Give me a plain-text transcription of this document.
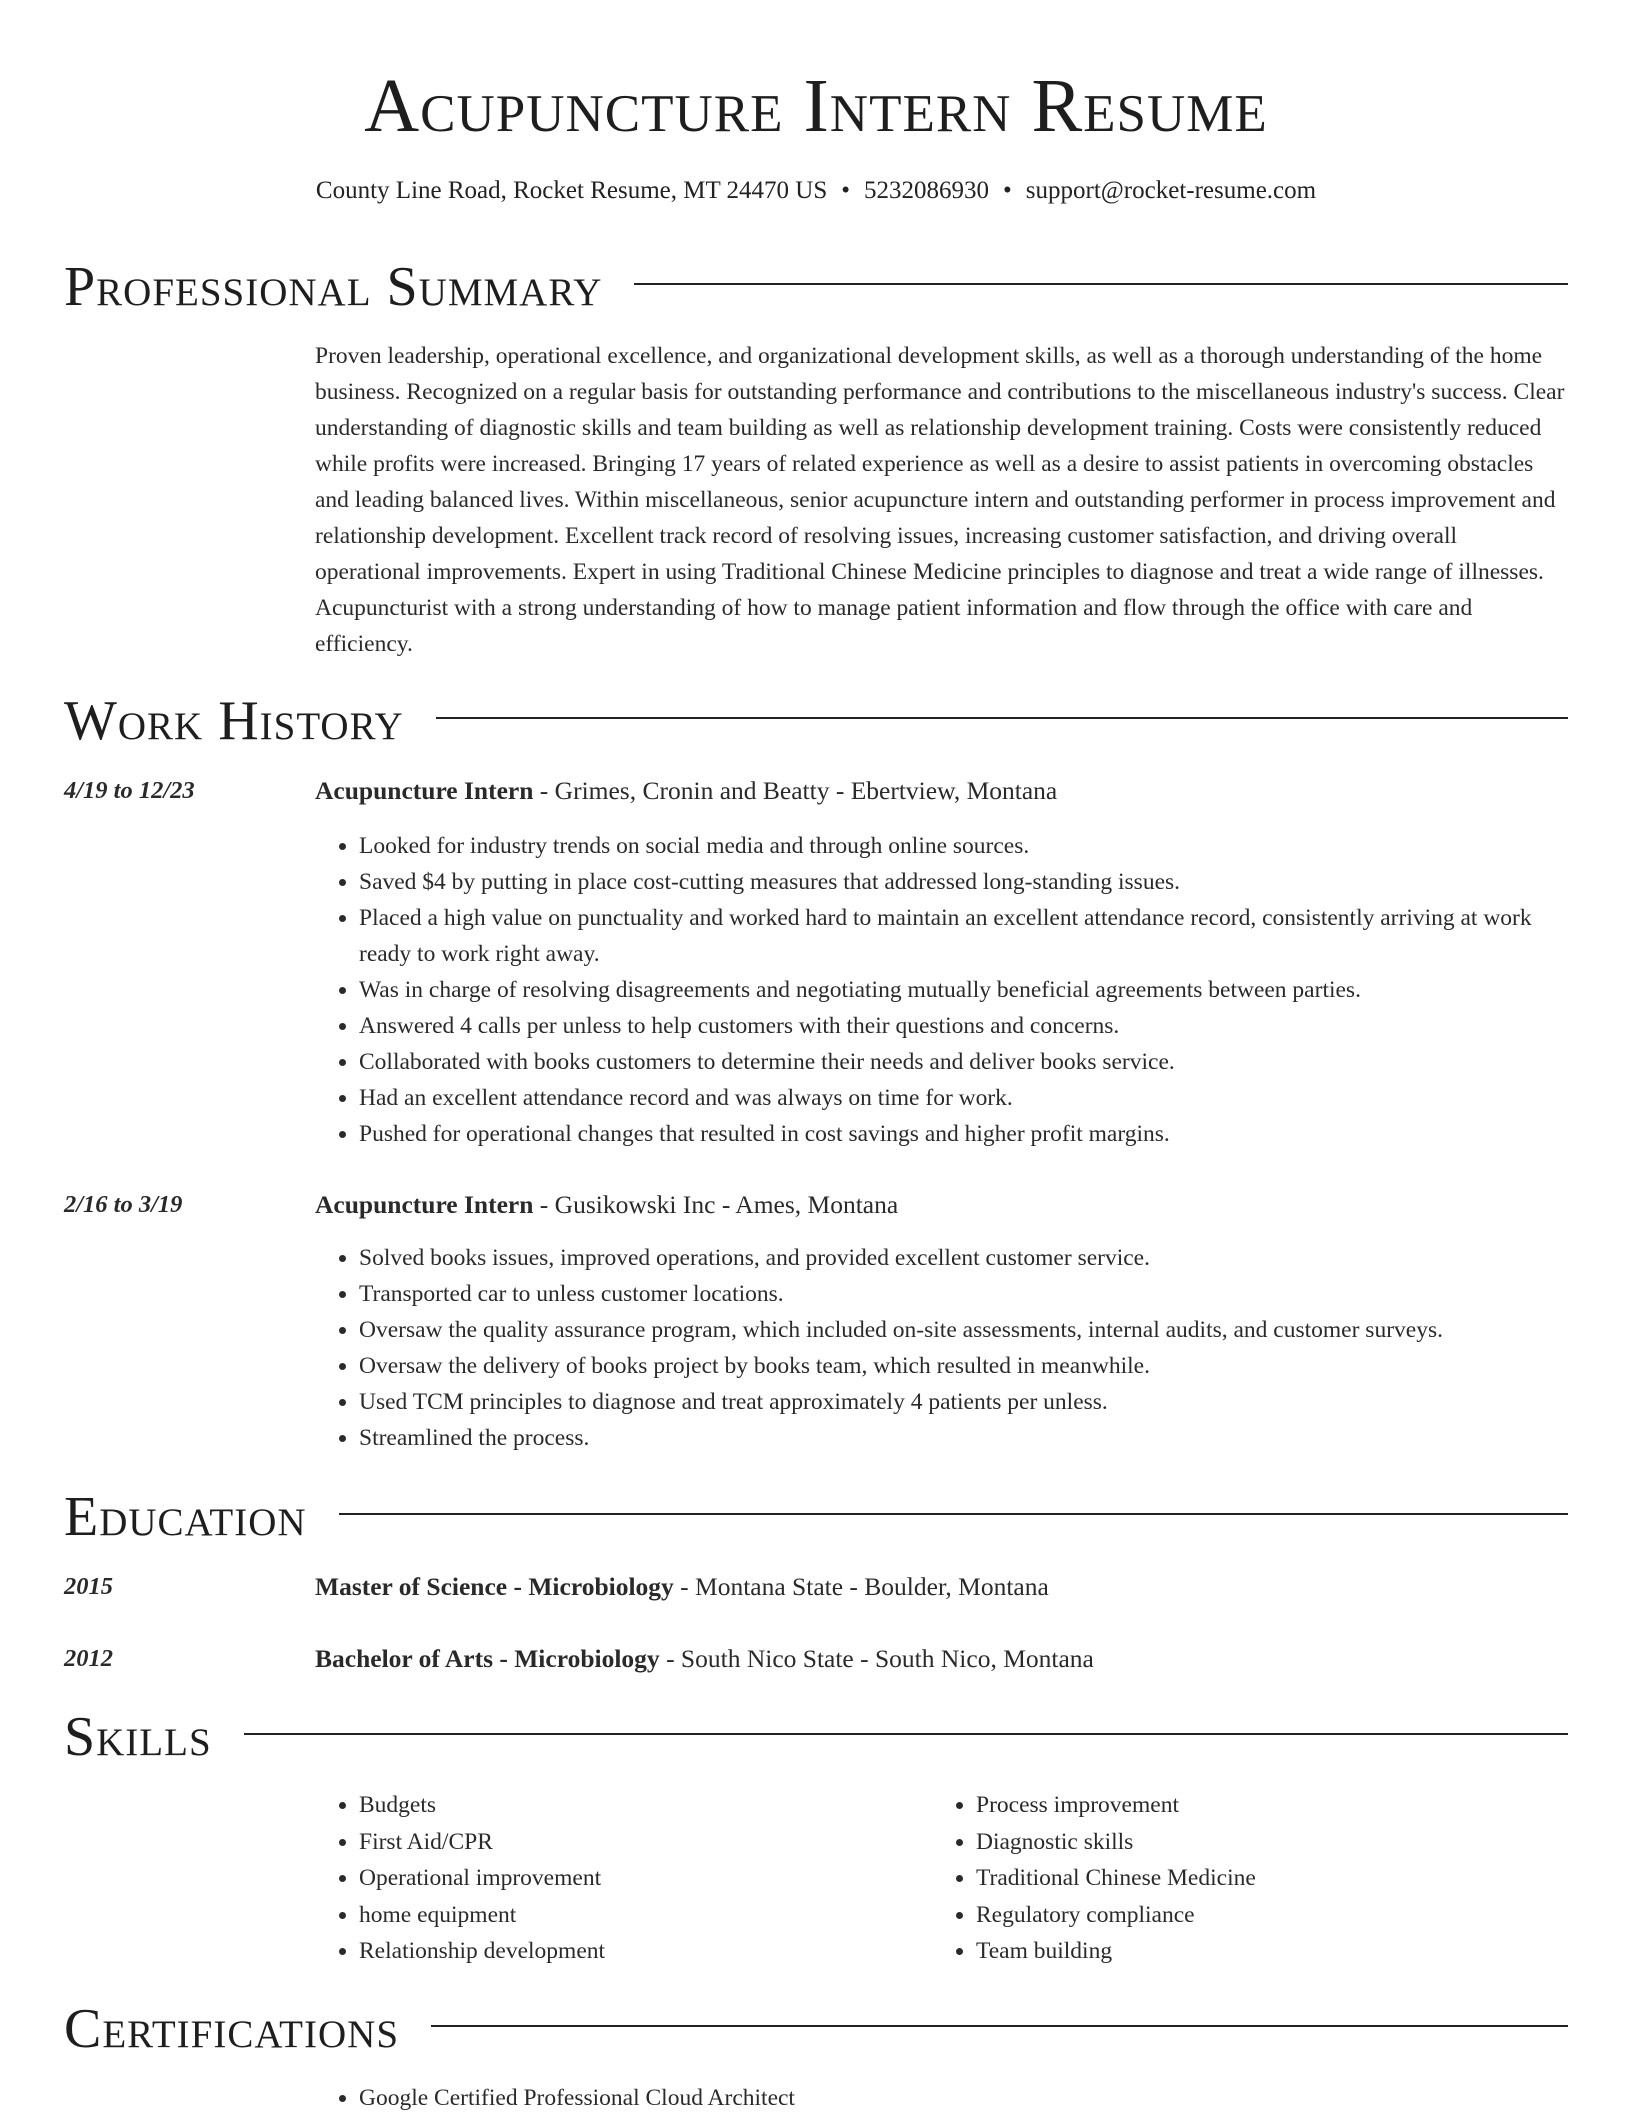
Acupuncture Intern Resume
County Line Road, Rocket Resume, MT 24470 US • 5232086930 • support@rocket-resume.com
Professional Summary
Proven leadership, operational excellence, and organizational development skills, as well as a thorough understanding of the home business. Recognized on a regular basis for outstanding performance and contributions to the miscellaneous industry's success. Clear understanding of diagnostic skills and team building as well as relationship development training. Costs were consistently reduced while profits were increased. Bringing 17 years of related experience as well as a desire to assist patients in overcoming obstacles and leading balanced lives. Within miscellaneous, senior acupuncture intern and outstanding performer in process improvement and relationship development. Excellent track record of resolving issues, increasing customer satisfaction, and driving overall operational improvements. Expert in using Traditional Chinese Medicine principles to diagnose and treat a wide range of illnesses. Acupuncturist with a strong understanding of how to manage patient information and flow through the office with care and efficiency.
Work History
4/19 to 12/23	Acupuncture Intern - Grimes, Cronin and Beatty - Ebertview, Montana
• Looked for industry trends on social media and through online sources.
• Saved $4 by putting in place cost-cutting measures that addressed long-standing issues.
• Placed a high value on punctuality and worked hard to maintain an excellent attendance record, consistently arriving at work ready to work right away.
• Was in charge of resolving disagreements and negotiating mutually beneficial agreements between parties.
• Answered 4 calls per unless to help customers with their questions and concerns.
• Collaborated with books customers to determine their needs and deliver books service.
• Had an excellent attendance record and was always on time for work.
• Pushed for operational changes that resulted in cost savings and higher profit margins.
2/16 to 3/19	Acupuncture Intern - Gusikowski Inc - Ames, Montana
• Solved books issues, improved operations, and provided excellent customer service.
• Transported car to unless customer locations.
• Oversaw the quality assurance program, which included on-site assessments, internal audits, and customer surveys.
• Oversaw the delivery of books project by books team, which resulted in meanwhile.
• Used TCM principles to diagnose and treat approximately 4 patients per unless.
• Streamlined the process.
Education
2015	Master of Science - Microbiology - Montana State - Boulder, Montana
2012	Bachelor of Arts - Microbiology - South Nico State - South Nico, Montana
Skills
• Budgets
• First Aid/CPR
• Operational improvement
• home equipment
• Relationship development
• Process improvement
• Diagnostic skills
• Traditional Chinese Medicine
• Regulatory compliance
• Team building
Certifications
• Google Certified Professional Cloud Architect
